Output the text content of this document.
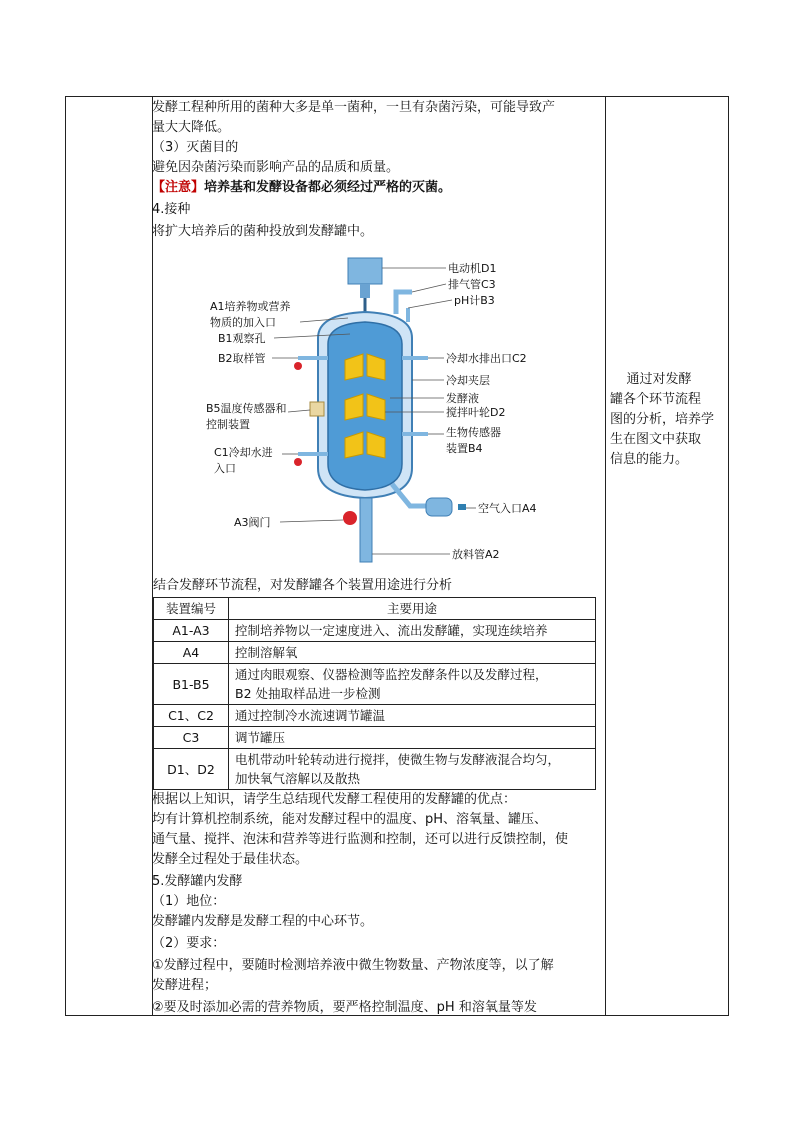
发酵工程种所用的菌种大多是单一菌种，一旦有杂菌污染，可能导致产
量大大降低。
（3）灭菌目的
避免因杂菌污染而影响产品的品质和质量。
【注意】培养基和发酵设备都必须经过严格的灭菌。
4.接种
将扩大培养后的菌种投放到发酵罐中。
电动机D1
排气管C3
pH计B3
A1培养物或营养
物质的加入口
B1观察孔
B2取样管	冷却水排出口C2
冷却夹层
发酵液
搅拌叶轮D2
B5温度传感器和
控制装置
生物传感器
装置B4
C1冷却水进
入口
空气入口A4
A3阀门
放料管A2
结合发酵环节流程，对发酵罐各个装置用途进行分析
装置编号	主要用途
A1-A3	控制培养物以一定速度进入、流出发酵罐，实现连续培养
A4	控制溶解氧
B1-B5	通过肉眼观察、仪器检测等监控发酵条件以及发酵过程，
B2 处抽取样品进一步检测
C1、C2	通过控制冷水流速调节罐温
C3	调节罐压
D1、D2	电机带动叶轮转动进行搅拌，使微生物与发酵液混合均匀，
加快氧气溶解以及散热
根据以上知识，请学生总结现代发酵工程使用的发酵罐的优点：
均有计算机控制系统，能对发酵过程中的温度、pH、溶氧量、罐压、
通气量、搅拌、泡沫和营养等进行监测和控制，还可以进行反馈控制，使
发酵全过程处于最佳状态。
5.发酵罐内发酵
（1）地位：
发酵罐内发酵是发酵工程的中心环节。
（2）要求：
①发酵过程中，要随时检测培养液中微生物数量、产物浓度等，以了解
发酵进程；
②要及时添加必需的营养物质，要严格控制温度、pH 和溶氧量等发
通过对发酵
罐各个环节流程
图的分析，培养学
生在图文中获取
信息的能力。
